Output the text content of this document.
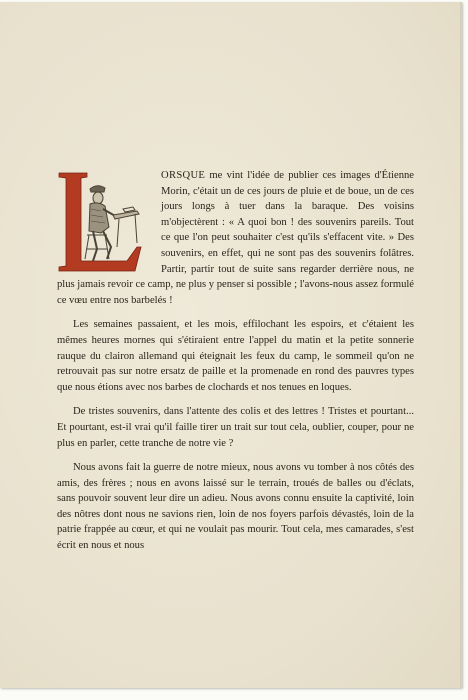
ORSQUE me vint l'idée de publier ces images d'Étienne Morin, c'était un de ces jours de pluie et de boue, un de ces jours longs à tuer dans la baraque. Des voisins m'objectèrent : « A quoi bon ! des souvenirs pareils. Tout ce que l'on peut souhaiter c'est qu'ils s'effacent vite. » Des souvenirs, en effet, qui ne sont pas des souvenirs folâtres. Partir, partir tout de suite sans regarder derrière nous, ne plus jamais revoir ce camp, ne plus y penser si possible ; l'avons-nous assez formulé ce vœu entre nos barbelés !

Les semaines passaient, et les mois, effilochant les espoirs, et c'étaient les mêmes heures mornes qui s'étiraient entre l'appel du matin et la petite sonnerie rauque du clairon allemand qui éteignait les feux du camp, le sommeil qu'on ne retrouvait pas sur notre ersatz de paille et la promenade en rond des pauvres types que nous étions avec nos barbes de clochards et nos tenues en loques.

De tristes souvenirs, dans l'attente des colis et des lettres ! Tristes et pourtant... Et pourtant, est-il vrai qu'il faille tirer un trait sur tout cela, oublier, couper, pour ne plus en parler, cette tranche de notre vie ?

Nous avons fait la guerre de notre mieux, nous avons vu tomber à nos côtés des amis, des frères ; nous en avons laissé sur le terrain, troués de balles ou d'éclats, sans pouvoir souvent leur dire un adieu. Nous avons connu ensuite la captivité, loin des nôtres dont nous ne savions rien, loin de nos foyers parfois dévastés, loin de la patrie frappée au cœur, et qui ne voulait pas mourir. Tout cela, mes camarades, s'est écrit en nous et nous
